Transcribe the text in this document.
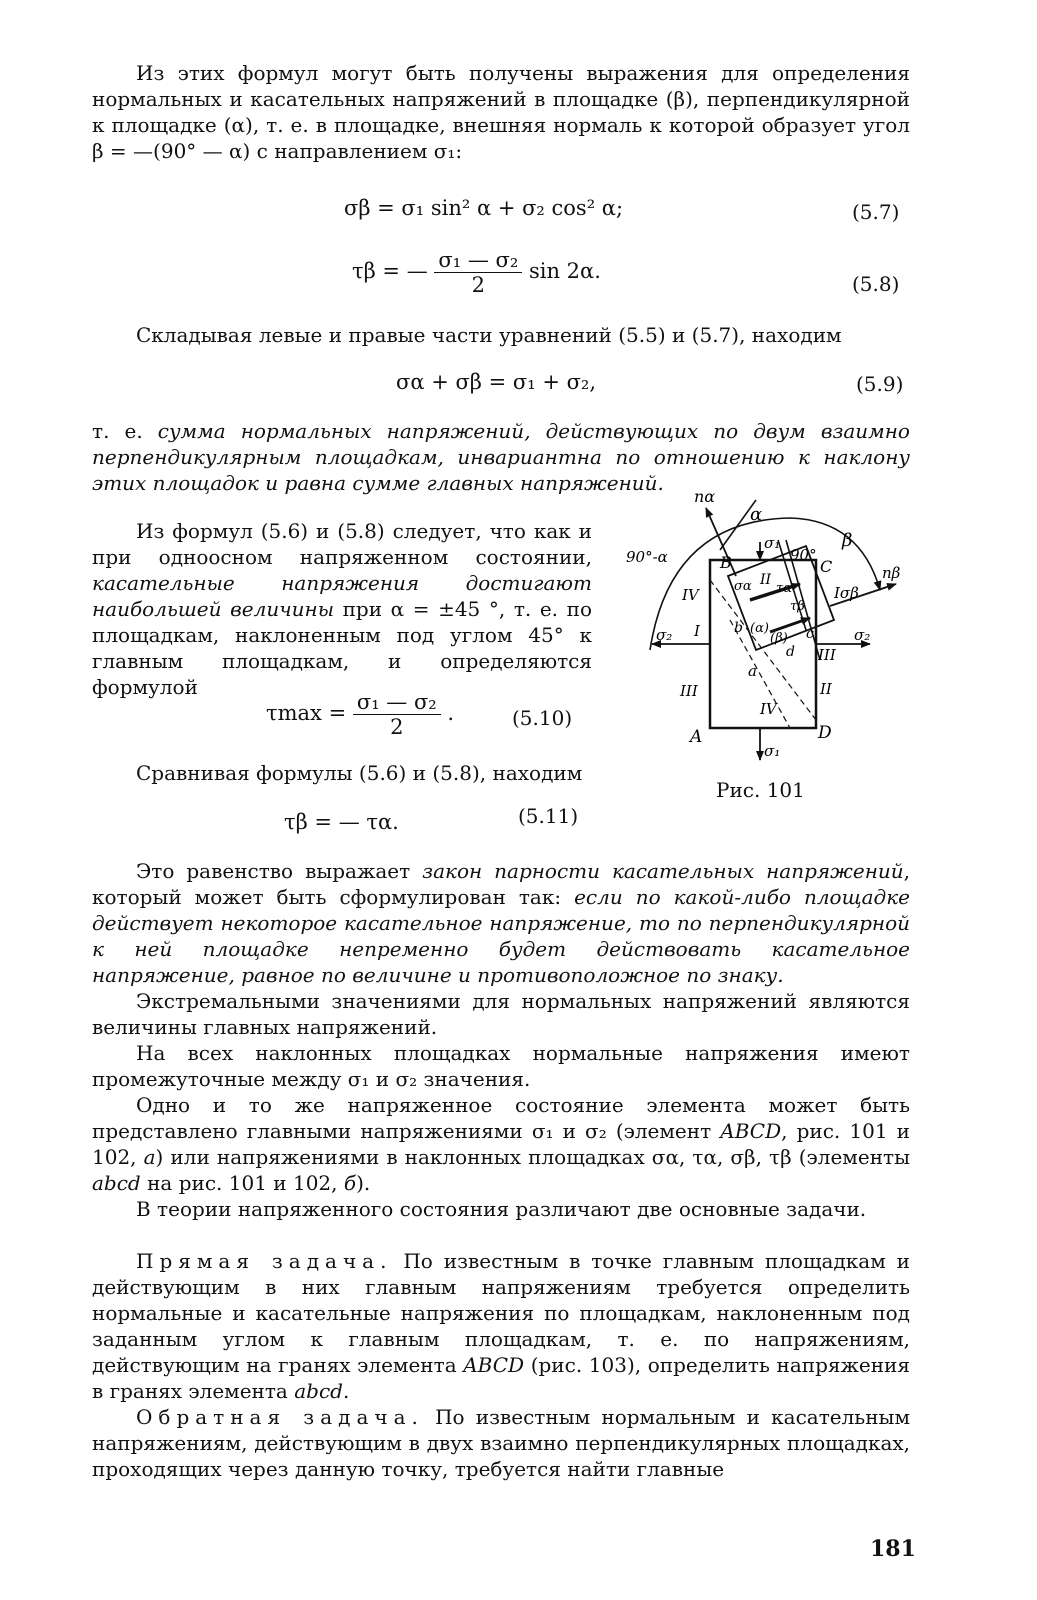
Из этих формул могут быть получены выражения для определения нормальных и касательных напряжений в площадке (β), перпендикулярной к площадке (α), т. е. в площадке, внешняя нормаль к которой образует угол β = —(90° — α) с направлением σ₁:

σβ = σ₁ sin² α + σ₂ cos² α;	(5.7)
τβ = — $\frac{\text{σ₁ — σ₂}}{2}$ sin 2α.
(5.8)

Складывая левые и правые части уравнений (5.5) и (5.7), находим

σα + σβ = σ₁ + σ₂,	(5.9)

т. е. сумма нормальных напряжений, действующих по двум взаимно перпендикулярным площадкам, инвариантна по отношению к наклону этих площадок и равна сумме главных напряжений.

Из формул (5.6) и (5.8) следует, что как и при одноосном напряженном состоянии, касательные напряжения достигают наибольшей величины при α = ±45 °, т. е. по площадкам, наклоненным под углом 45° к главным площадкам, и определяются формулой

$\tau\max = \frac{\text{σ₁ — σ₂}}{2}$ .	(5.10)

Сравнивая формулы (5.6) и (5.8), находим

τβ = — τα.	(5.11)
nα
α
β
90°-α	B	C
A	D
90°
σ₁
σ₁
σ₂	σ₂
σα τα
τβ
I
Iσβ
II
II
III
III
IV
IV
a
b	c
d
(α)
(β)
nβ
Рис. 101

Это равенство выражает закон парности касательных напряжений, который может быть сформулирован так: если по какой-либо площадке действует некоторое касательное напряжение, то по перпендикулярной к ней площадке непременно будет действовать касательное напряжение, равное по величине и противоположное по знаку.

Экстремальными значениями для нормальных напряжений являются величины главных напряжений.

На всех наклонных площадках нормальные напряжения имеют промежуточные между σ₁ и σ₂ значения.

Одно и то же напряженное состояние элемента может быть представлено главными напряжениями σ₁ и σ₂ (элемент ABCD, рис. 101 и 102, а) или напряжениями в наклонных площадках σα, τα, σβ, τβ (элементы abcd на рис. 101 и 102, б).

В теории напряженного состояния различают две основные задачи.

Прямая задача. По известным в точке главным площадкам и действующим в них главным напряжениям требуется определить нормальные и касательные напряжения по площадкам, наклоненным под заданным углом к главным площадкам, т. е. по напряжениям, действующим на гранях элемента ABCD (рис. 103), определить напряжения в гранях элемента abcd.

Обратная задача. По известным нормальным и касательным напряжениям, действующим в двух взаимно перпендикулярных площадках, проходящих через данную точку, требуется найти главные

181
